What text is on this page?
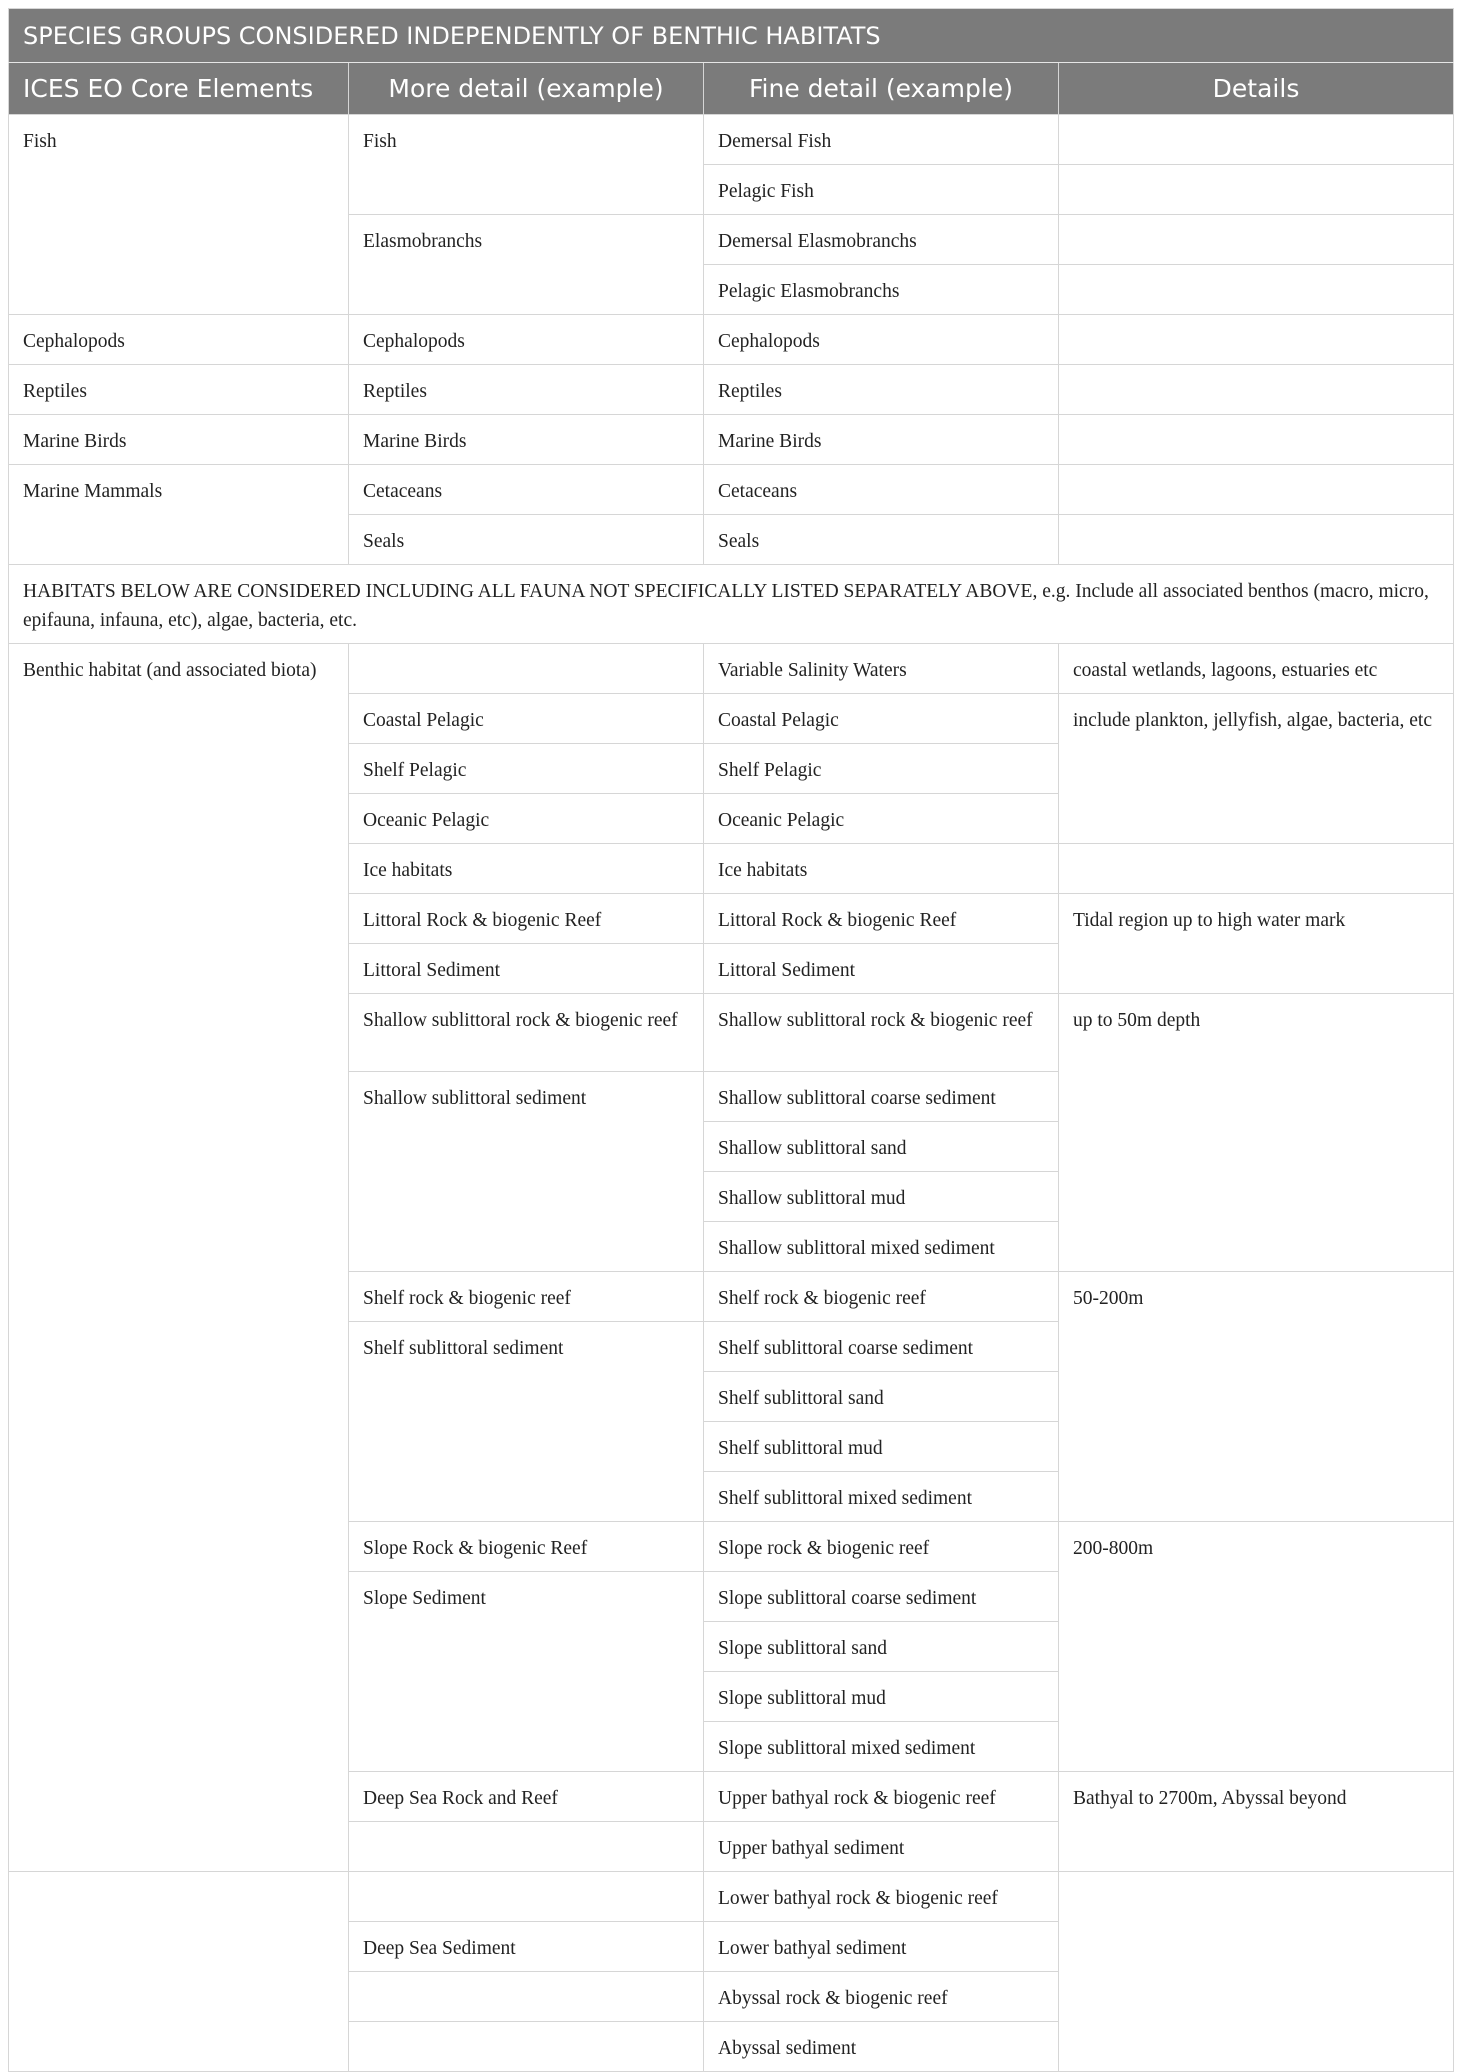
SPECIES GROUPS CONSIDERED INDEPENDENTLY OF BENTHIC HABITATS			
ICES EO Core Elements	More detail (example)	Fine detail (example)	Details
Fish	Fish	Demersal Fish	
		Pelagic Fish	
	Elasmobranchs	Demersal Elasmobranchs	
		Pelagic Elasmobranchs	
Cephalopods	Cephalopods	Cephalopods	
Reptiles	Reptiles	Reptiles	
Marine Birds	Marine Birds	Marine Birds	
Marine Mammals	Cetaceans	Cetaceans	
	Seals	Seals	
HABITATS BELOW ARE CONSIDERED INCLUDING ALL FAUNA NOT SPECIFICALLY LISTED SEPARATELY ABOVE, e.g. Include all associated benthos (macro, micro, epifauna, infauna, etc), algae, bacteria, etc.			
Benthic habitat (and associated biota)		Variable Salinity Waters	coastal wetlands, lagoons, estuaries etc
	Coastal Pelagic	Coastal Pelagic	include plankton, jellyfish, algae, bacteria, etc
	Shelf Pelagic	Shelf Pelagic	
	Oceanic Pelagic	Oceanic Pelagic	
	Ice habitats	Ice habitats	
	Littoral Rock & biogenic Reef	Littoral Rock & biogenic Reef	Tidal region up to high water mark
	Littoral Sediment	Littoral Sediment	
	Shallow sublittoral rock & biogenic reef	Shallow sublittoral rock & biogenic reef	up to 50m depth
	Shallow sublittoral sediment	Shallow sublittoral coarse sediment	
		Shallow sublittoral sand	
		Shallow sublittoral mud	
		Shallow sublittoral mixed sediment	
	Shelf rock & biogenic reef	Shelf rock & biogenic reef	50-200m
	Shelf sublittoral sediment	Shelf sublittoral coarse sediment	
		Shelf sublittoral sand	
		Shelf sublittoral mud	
		Shelf sublittoral mixed sediment	
	Slope Rock & biogenic Reef	Slope rock & biogenic reef	200-800m
	Slope Sediment	Slope sublittoral coarse sediment	
		Slope sublittoral sand	
		Slope sublittoral mud	
		Slope sublittoral mixed sediment	
	Deep Sea Rock and Reef	Upper bathyal rock & biogenic reef	Bathyal to 2700m, Abyssal beyond
		Upper bathyal sediment	
		Lower bathyal rock & biogenic reef	
	Deep Sea Sediment	Lower bathyal sediment	
		Abyssal rock & biogenic reef	
		Abyssal sediment	
